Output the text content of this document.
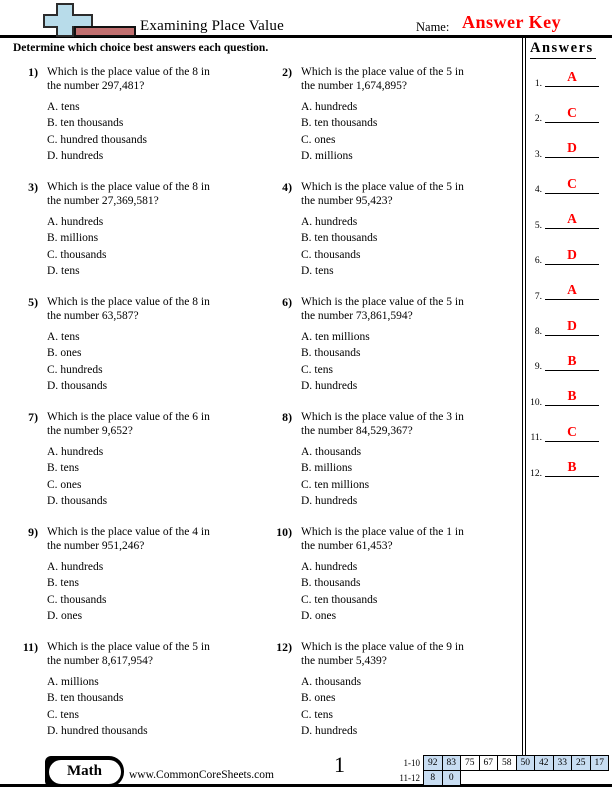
Examining Place Value	Name: Answer Key
Determine which choice best answers each question.
1) Which is the place value of the 8 in
the number 297,481?
A. tens
B. ten thousands
C. hundred thousands
D. hundreds
3) Which is the place value of the 8 in
the number 27,369,581?
A. hundreds
B. millions
C. thousands
D. tens
5) Which is the place value of the 8 in
the number 63,587?
A. tens
B. ones
C. hundreds
D. thousands
7) Which is the place value of the 6 in
the number 9,652?
A. hundreds
B. tens
C. ones
D. thousands
9) Which is the place value of the 4 in
the number 951,246?
A. hundreds
B. tens
C. thousands
D. ones
11) Which is the place value of the 5 in
the number 8,617,954?
A. millions
B. ten thousands
C. tens
D. hundred thousands
2) Which is the place value of the 5 in
the number 1,674,895?
A. hundreds
B. ten thousands
C. ones
D. millions
4) Which is the place value of the 5 in
the number 95,423?
A. hundreds
B. ten thousands
C. thousands
D. tens
6) Which is the place value of the 5 in
the number 73,861,594?
A. ten millions
B. thousands
C. tens
D. hundreds
8) Which is the place value of the 3 in
the number 84,529,367?
A. thousands
B. millions
C. ten millions
D. hundreds
10) Which is the place value of the 1 in
the number 61,453?
A. hundreds
B. thousands
C. ten thousands
D. ones
12) Which is the place value of the 9 in
the number 5,439?
A. thousands
B. ones
C. tens
D. hundreds
Answers
1.	A
2.	C
3.	D
4.	C
5.	A
6.	D
7.	A
8.	D
9.	B
10.	B
11.	C
12.	B
Math	www.CommonCoreSheets.com	1	1-10 92 83 75 67 58 50 42 33 25 17
11-12	8	0
